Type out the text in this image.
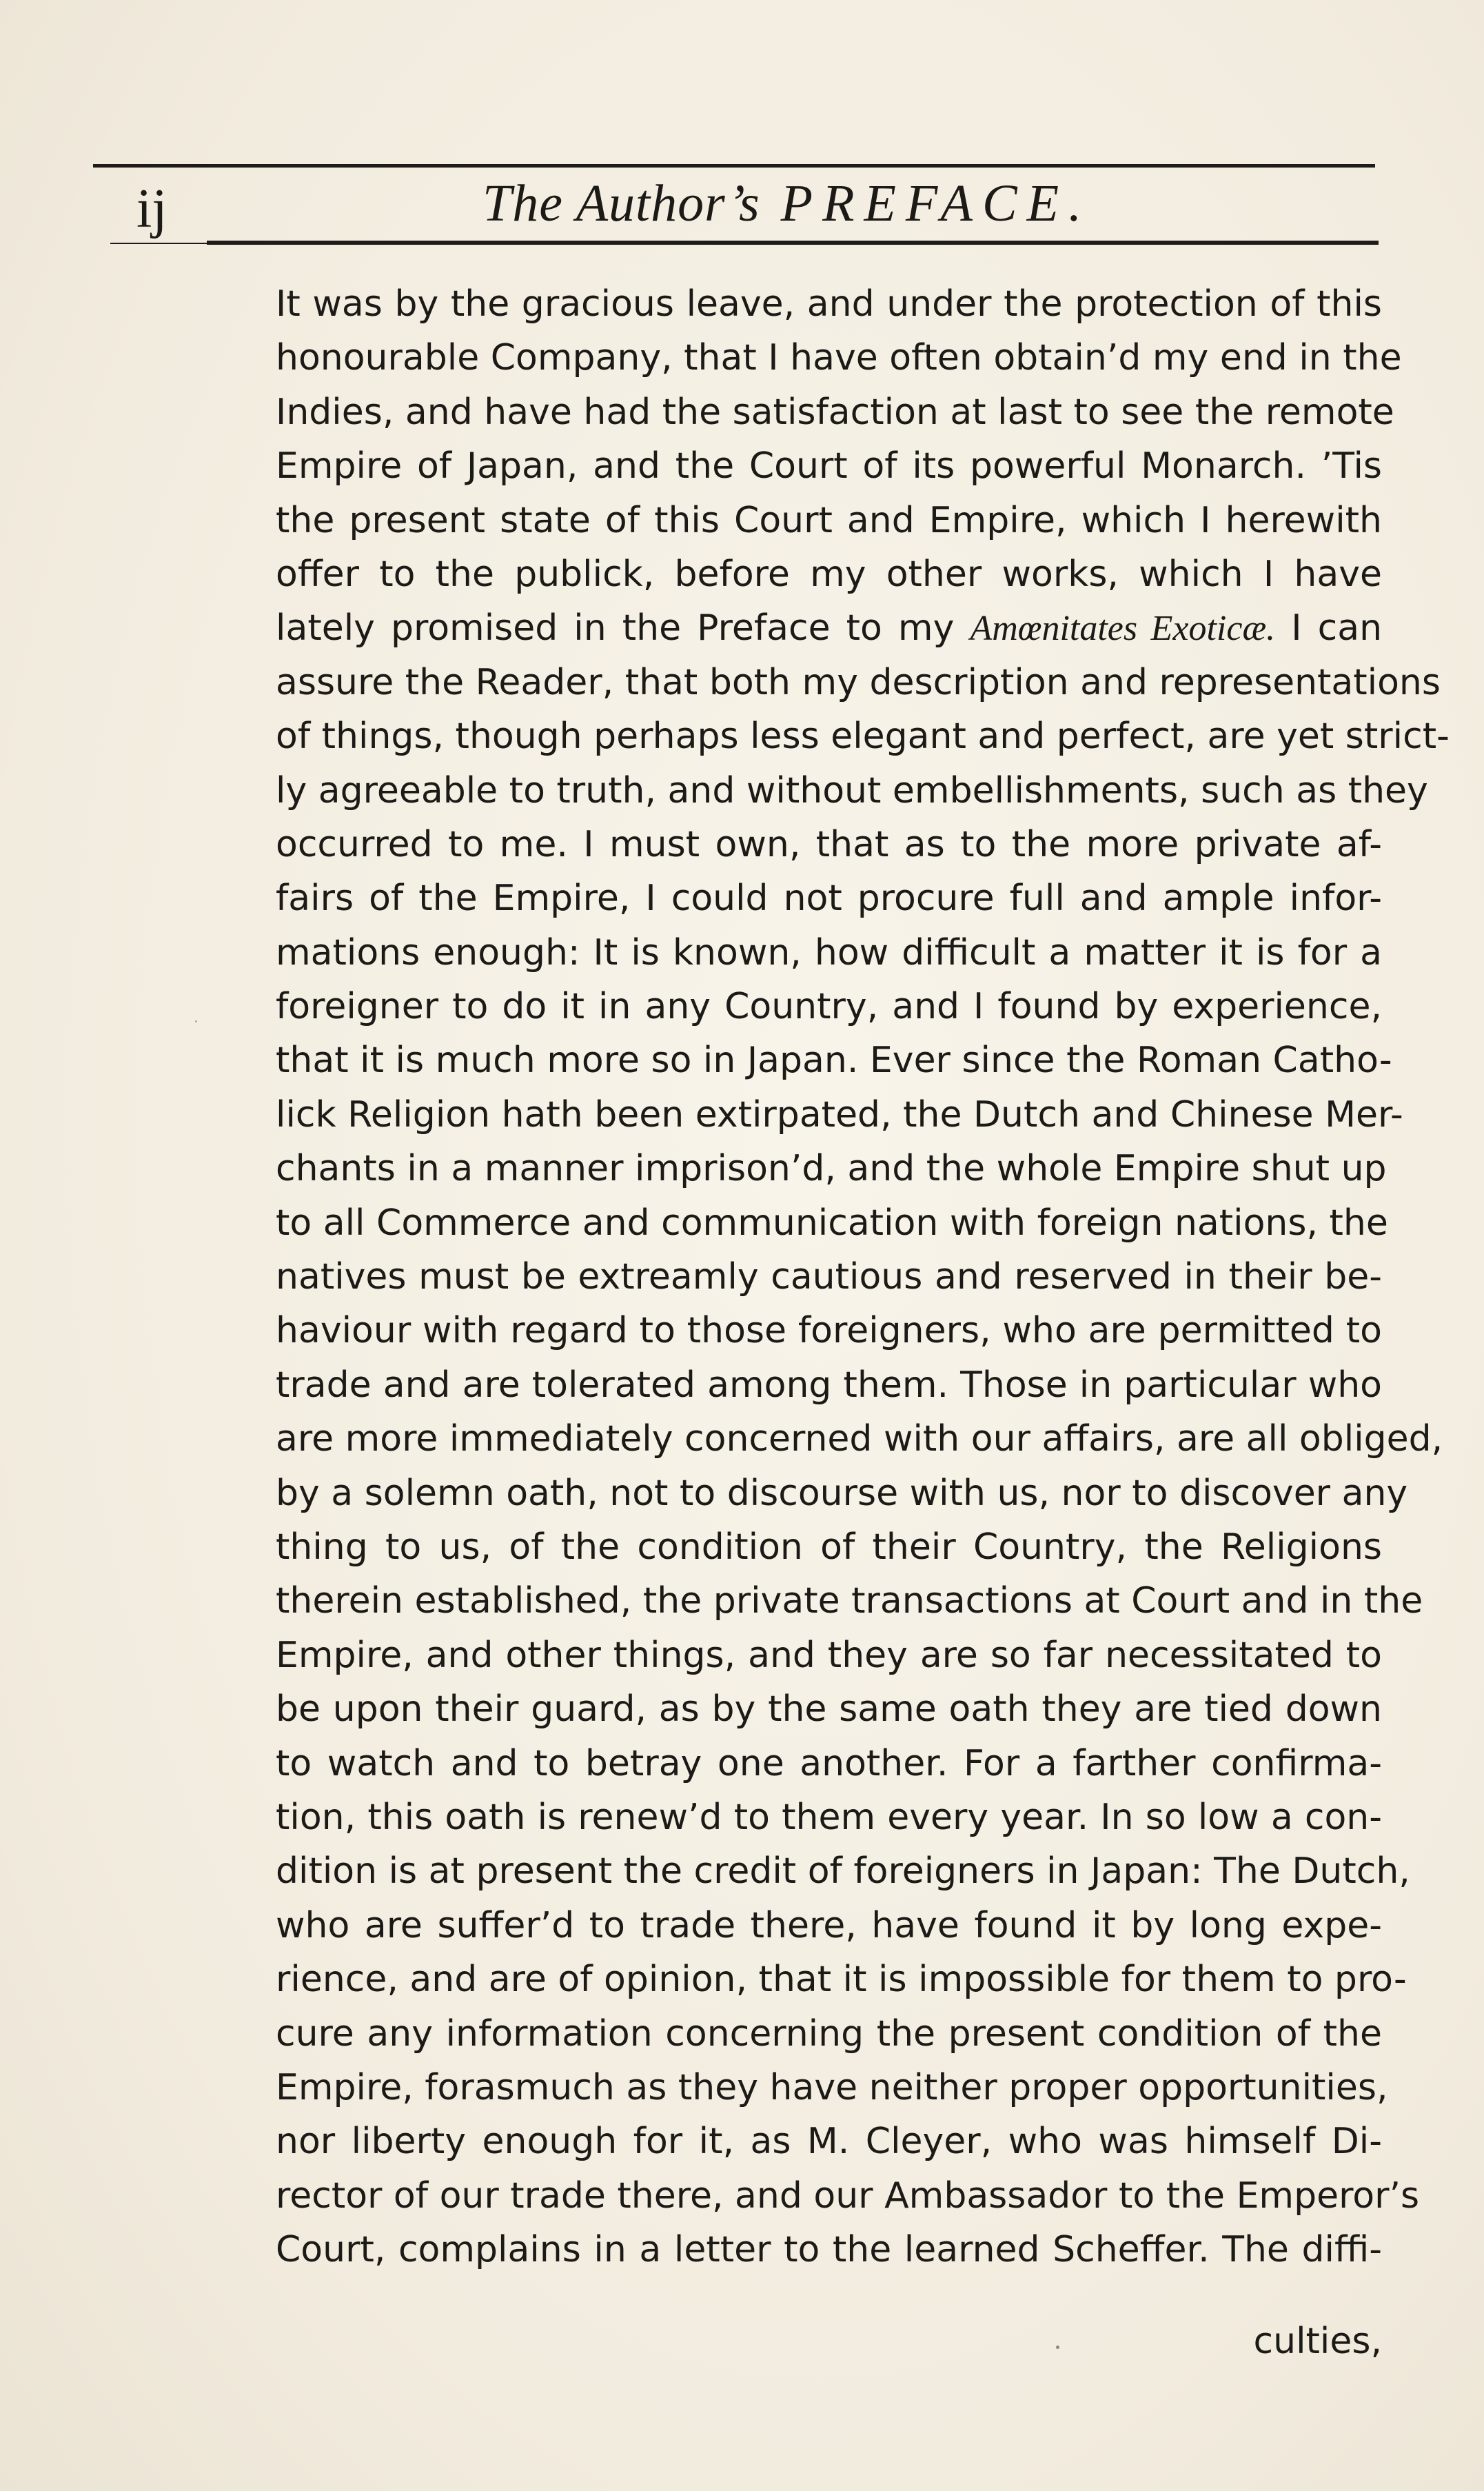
ij	The Author’s PREFACE.
It was by the gracious leave, and under the protection of this
honourable Company, that I have often obtain’d my end in the
Indies, and have had the satisfaction at last to see the remote
Empire of Japan, and the Court of its powerful Monarch. ’Tis
the present state of this Court and Empire, which I herewith
offer to the publick, before my other works, which I have
lately promised in the Preface to my Amœnitates Exoticæ. I can
assure the Reader, that both my description and representations
of things, though perhaps less elegant and perfect, are yet strict-
ly agreeable to truth, and without embellishments, such as they
occurred to me. I must own, that as to the more private af-
fairs of the Empire, I could not procure full and ample infor-
mations enough: It is known, how difficult a matter it is for a
foreigner to do it in any Country, and I found by experience,
that it is much more so in Japan. Ever since the Roman Catho-
lick Religion hath been extirpated, the Dutch and Chinese Mer-
chants in a manner imprison’d, and the whole Empire shut up
to all Commerce and communication with foreign nations, the
natives must be extreamly cautious and reserved in their be-
haviour with regard to those foreigners, who are permitted to
trade and are tolerated among them. Those in particular who
are more immediately concerned with our affairs, are all obliged,
by a solemn oath, not to discourse with us, nor to discover any
thing to us, of the condition of their Country, the Religions
therein established, the private transactions at Court and in the
Empire, and other things, and they are so far necessitated to
be upon their guard, as by the same oath they are tied down
to watch and to betray one another. For a farther confirma-
tion, this oath is renew’d to them every year. In so low a con-
dition is at present the credit of foreigners in Japan: The Dutch,
who are suffer’d to trade there, have found it by long expe-
rience, and are of opinion, that it is impossible for them to pro-
cure any information concerning the present condition of the
Empire, forasmuch as they have neither proper opportunities,
nor liberty enough for it, as M. Cleyer, who was himself Di-
rector of our trade there, and our Ambassador to the Emperor’s
Court, complains in a letter to the learned Scheffer. The diffi-
culties,
